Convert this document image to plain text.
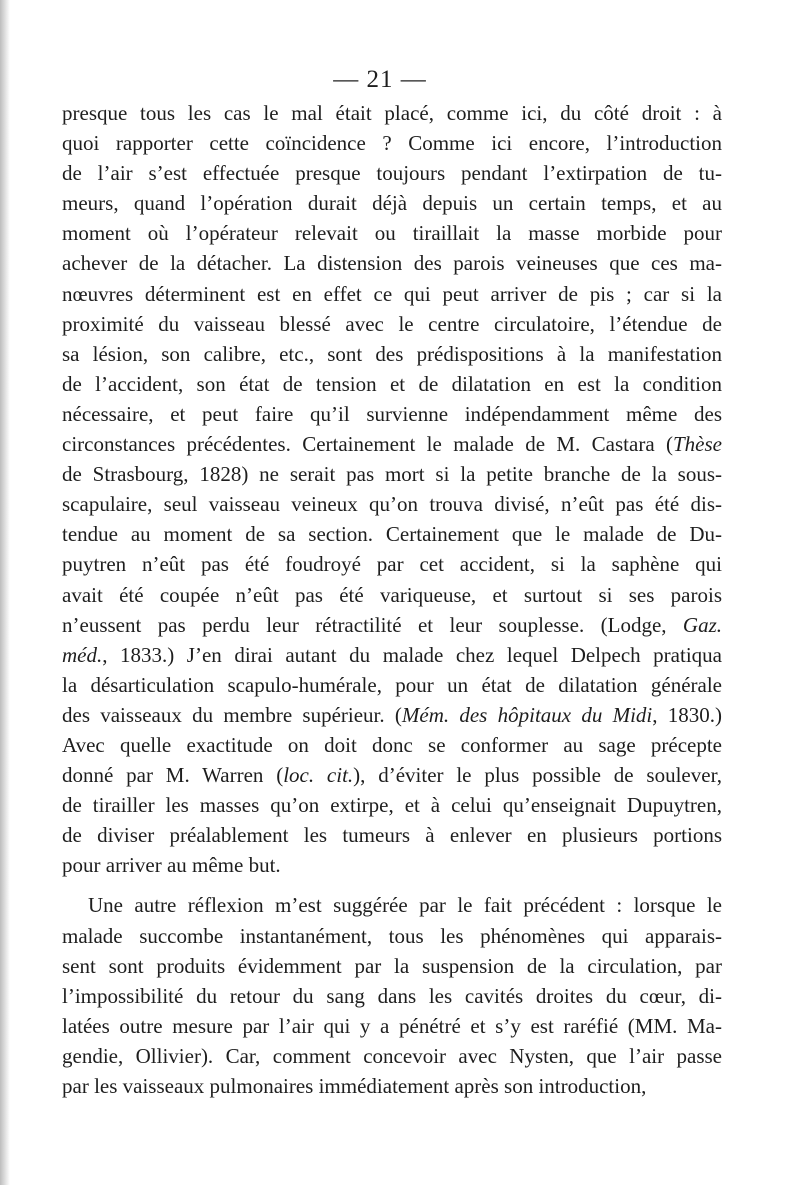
— 21 —
presque tous les cas le mal était placé, comme ici, du côté droit : à
quoi rapporter cette coïncidence ? Comme ici encore, l’introduction
de l’air s’est effectuée presque toujours pendant l’extirpation de tu-
meurs, quand l’opération durait déjà depuis un certain temps, et au
moment où l’opérateur relevait ou tiraillait la masse morbide pour
achever de la détacher. La distension des parois veineuses que ces ma-
nœuvres déterminent est en effet ce qui peut arriver de pis ; car si la
proximité du vaisseau blessé avec le centre circulatoire, l’étendue de
sa lésion, son calibre, etc., sont des prédispositions à la manifestation
de l’accident, son état de tension et de dilatation en est la condition
nécessaire, et peut faire qu’il survienne indépendamment même des
circonstances précédentes. Certainement le malade de M. Castara (Thèse
de Strasbourg, 1828) ne serait pas mort si la petite branche de la sous-
scapulaire, seul vaisseau veineux qu’on trouva divisé, n’eût pas été dis-
tendue au moment de sa section. Certainement que le malade de Du-
puytren n’eût pas été foudroyé par cet accident, si la saphène qui
avait été coupée n’eût pas été variqueuse, et surtout si ses parois
n’eussent pas perdu leur rétractilité et leur souplesse. (Lodge, Gaz.
méd., 1833.) J’en dirai autant du malade chez lequel Delpech pratiqua
la désarticulation scapulo-humérale, pour un état de dilatation générale
des vaisseaux du membre supérieur. (Mém. des hôpitaux du Midi, 1830.)
Avec quelle exactitude on doit donc se conformer au sage précepte
donné par M. Warren (loc. cit.), d’éviter le plus possible de soulever,
de tirailler les masses qu’on extirpe, et à celui qu’enseignait Dupuytren,
de diviser préalablement les tumeurs à enlever en plusieurs portions
pour arriver au même but.
Une autre réflexion m’est suggérée par le fait précédent : lorsque le
malade succombe instantanément, tous les phénomènes qui apparais-
sent sont produits évidemment par la suspension de la circulation, par
l’impossibilité du retour du sang dans les cavités droites du cœur, di-
latées outre mesure par l’air qui y a pénétré et s’y est raréfié (MM. Ma-
gendie, Ollivier). Car, comment concevoir avec Nysten, que l’air passe
par les vaisseaux pulmonaires immédiatement après son introduction,
